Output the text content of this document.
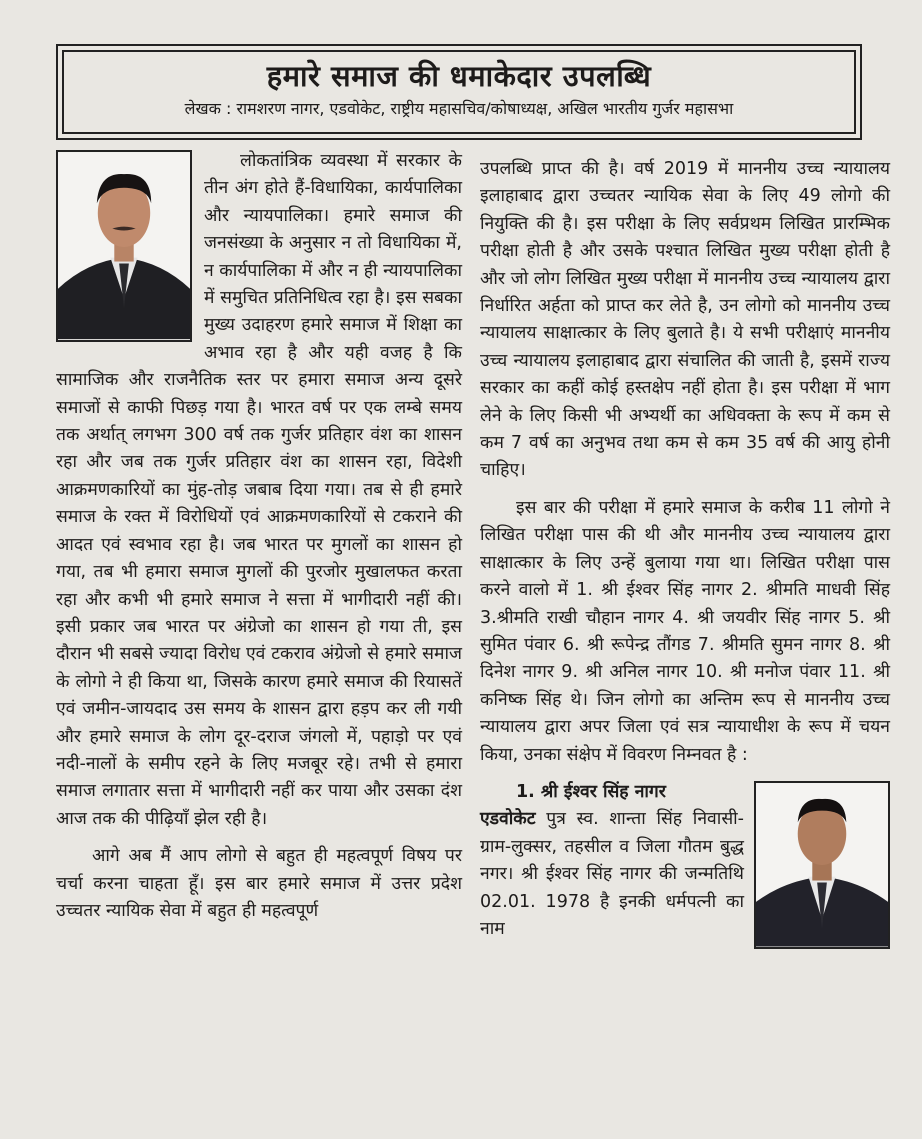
हमारे समाज की धमाकेदार उपलब्धि
लेखक : रामशरण नागर, एडवोकेट, राष्ट्रीय महासचिव/कोषाध्यक्ष, अखिल भारतीय गुर्जर महासभा

लोकतांत्रिक व्यवस्था में सरकार के तीन अंग होते हैं-विधायिका, कार्यपालिका और न्यायपालिका। हमारे समाज की जनसंख्या के अनुसार न तो विधायिका में, न कार्यपालिका में और न ही न्यायपालिका में समुचित प्रतिनिधित्व रहा है। इस सबका मुख्य उदाहरण हमारे समाज में शिक्षा का अभाव रहा है और यही वजह है कि सामाजिक और राजनैतिक स्तर पर हमारा समाज अन्य दूसरे समाजों से काफी पिछड़ गया है। भारत वर्ष पर एक लम्बे समय तक अर्थात् लगभग 300 वर्ष तक गुर्जर प्रतिहार वंश का शासन रहा और जब तक गुर्जर प्रतिहार वंश का शासन रहा, विदेशी आक्रमणकारियों का मुंह-तोड़ जबाब दिया गया। तब से ही हमारे समाज के रक्त में विरोधियों एवं आक्रमणकारियों से टकराने की आदत एवं स्वभाव रहा है। जब भारत पर मुगलों का शासन हो गया, तब भी हमारा समाज मुगलों की पुरजोर मुखालफत करता रहा और कभी भी हमारे समाज ने सत्ता में भागीदारी नहीं की। इसी प्रकार जब भारत पर अंग्रेजो का शासन हो गया ती, इस दौरान भी सबसे ज्यादा विरोध एवं टकराव अंग्रेजो से हमारे समाज के लोगो ने ही किया था, जिसके कारण हमारे समाज की रियासतें एवं जमीन-जायदाद उस समय के शासन द्वारा हड़प कर ली गयी और हमारे समाज के लोग दूर-दराज जंगलो में, पहाड़ो पर एवं नदी-नालों के समीप रहने के लिए मजबूर रहे। तभी से हमारा समाज लगातार सत्ता में भागीदारी नहीं कर पाया और उसका दंश आज तक की पीढ़ियाँ झेल रही है।

आगे अब मैं आप लोगो से बहुत ही महत्वपूर्ण विषय पर चर्चा करना चाहता हूँ। इस बार हमारे समाज में उत्तर प्रदेश उच्चतर न्यायिक सेवा में बहुत ही महत्वपूर्ण

उपलब्धि प्राप्त की है। वर्ष 2019 में माननीय उच्च न्यायालय इलाहाबाद द्वारा उच्चतर न्यायिक सेवा के लिए 49 लोगो की नियुक्ति की है। इस परीक्षा के लिए सर्वप्रथम लिखित प्रारम्भिक परीक्षा होती है और उसके पश्चात लिखित मुख्य परीक्षा होती है और जो लोग लिखित मुख्य परीक्षा में माननीय उच्च न्यायालय द्वारा निर्धारित अर्हता को प्राप्त कर लेते है, उन लोगो को माननीय उच्च न्यायालय साक्षात्कार के लिए बुलाते है। ये सभी परीक्षाएं माननीय उच्च न्यायालय इलाहाबाद द्वारा संचालित की जाती है, इसमें राज्य सरकार का कहीं कोई हस्तक्षेप नहीं होता है। इस परीक्षा में भाग लेने के लिए किसी भी अभ्यर्थी का अधिवक्ता के रूप में कम से कम 7 वर्ष का अनुभव तथा कम से कम 35 वर्ष की आयु होनी चाहिए।

इस बार की परीक्षा में हमारे समाज के करीब 11 लोगो ने लिखित परीक्षा पास की थी और माननीय उच्च न्यायालय द्वारा साक्षात्कार के लिए उन्हें बुलाया गया था। लिखित परीक्षा पास करने वालो में 1. श्री ईश्वर सिंह नागर 2. श्रीमति माधवी सिंह 3.श्रीमति राखी चौहान नागर 4. श्री जयवीर सिंह नागर 5. श्री सुमित पंवार 6. श्री रूपेन्द्र तौंगड 7. श्रीमति सुमन नागर 8. श्री दिनेश नागर 9. श्री अनिल नागर 10. श्री मनोज पंवार 11. श्री कनिष्क सिंह थे। जिन लोगो का अन्तिम रूप से माननीय उच्च न्यायालय द्वारा अपर जिला एवं सत्र न्यायाधीश के रूप में चयन किया, उनका संक्षेप में विवरण निम्नवत है :

1. श्री ईश्वर सिंह नागर
एडवोकेट पुत्र स्व. शान्ता सिंह निवासी-ग्राम-लुक्सर, तहसील व जिला गौतम बुद्ध नगर। श्री ईश्वर सिंह नागर की जन्मतिथि 02.01. 1978 है इनकी धर्मपत्नी का नाम
